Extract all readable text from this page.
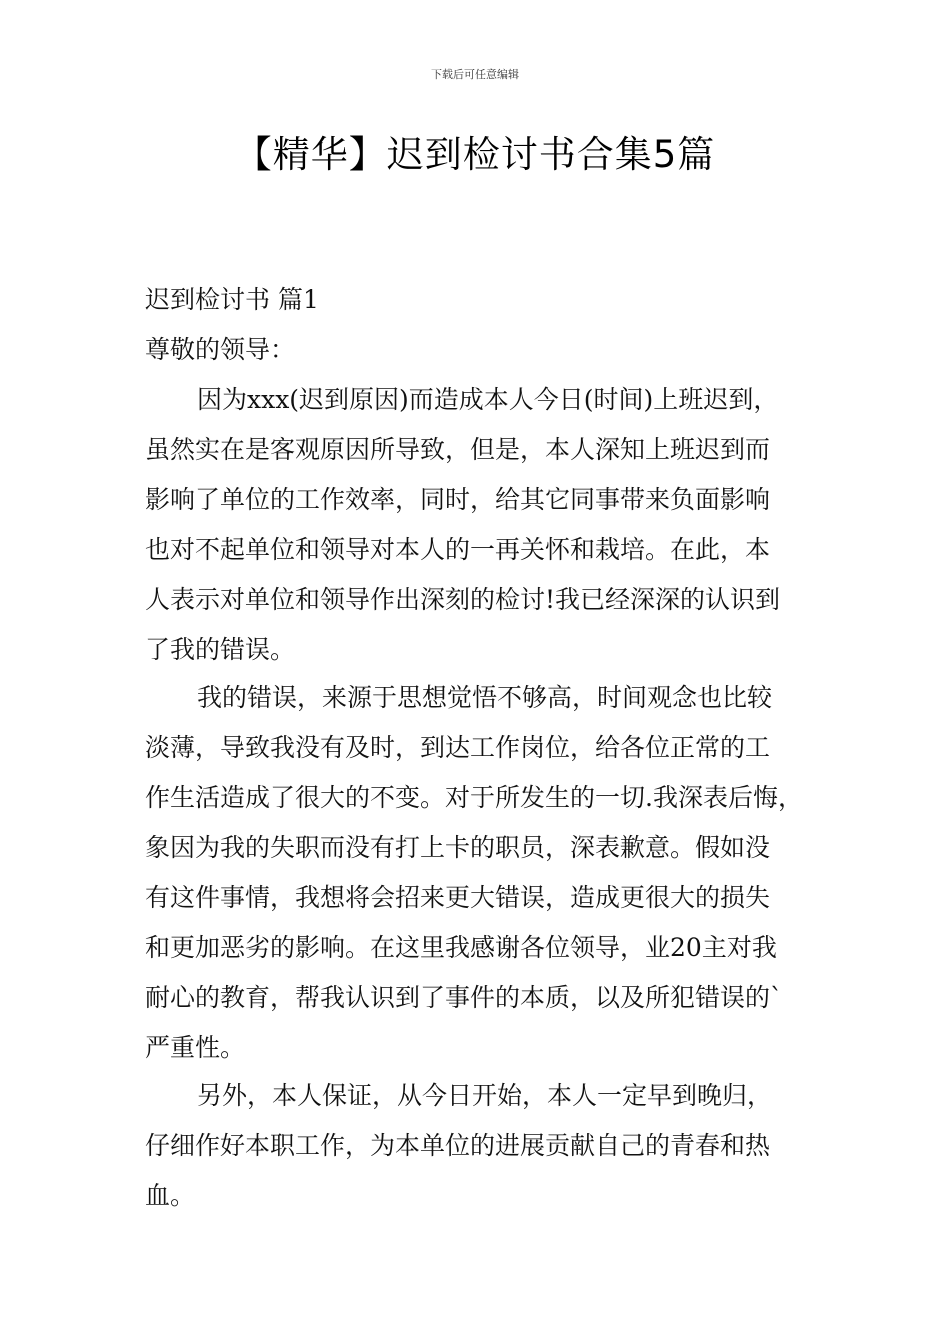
下载后可任意编辑
【精华】迟到检讨书合集5篇
迟到检讨书 篇1
尊敬的领导：
因为xxx(迟到原因)而造成本人今日(时间)上班迟到，
虽然实在是客观原因所导致，但是，本人深知上班迟到而
影响了单位的工作效率，同时，给其它同事带来负面影响
也对不起单位和领导对本人的一再关怀和栽培。在此，本
人表示对单位和领导作出深刻的检讨!我已经深深的认识到
了我的错误。
我的错误，来源于思想觉悟不够高，时间观念也比较
淡薄，导致我没有及时，到达工作岗位，给各位正常的工
作生活造成了很大的不变。对于所发生的一切.我深表后悔，
象因为我的失职而没有打上卡的职员，深表歉意。假如没
有这件事情，我想将会招来更大错误，造成更很大的损失
和更加恶劣的影响。在这里我感谢各位领导，业20主对我
耐心的教育，帮我认识到了事件的本质，以及所犯错误的`
严重性。
另外，本人保证，从今日开始，本人一定早到晚归，
仔细作好本职工作，为本单位的进展贡献自己的青春和热
血。
